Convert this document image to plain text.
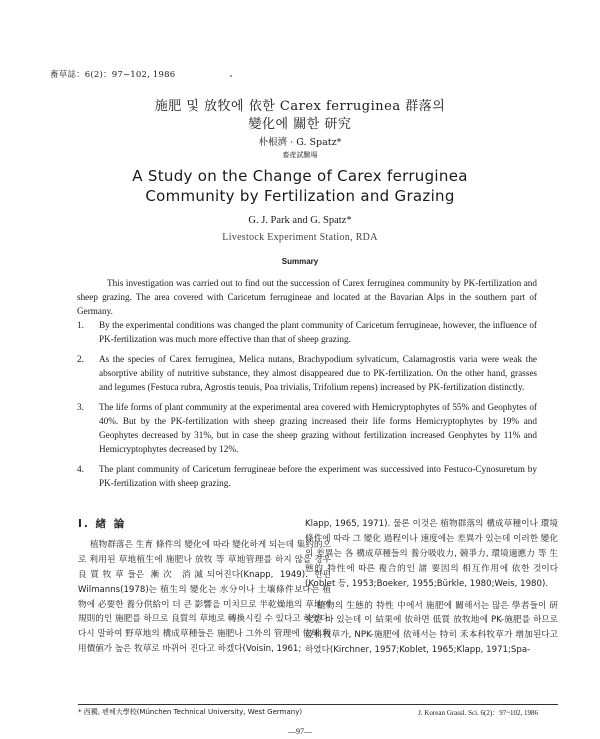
畜草誌：6(2)：97~102, 1986
施肥 및 放牧에 依한 Carex ferruginea 群落의
變化에 關한 研究
朴根濟 · G. Spatz*
畜産試驗場
A Study on the Change of Carex ferruginea
Community by Fertilization and Grazing
G. J. Park and G. Spatz*
Livestock Experiment Station, RDA
Summary

This investigation was carried out to find out the succession of Carex ferruginea community by PK-fertilization and sheep grazing. The area covered with Caricetum ferrugineae and located at the Bavarian Alps in the southern part of Germany.

1. By the experimental conditions was changed the plant community of Caricetum ferrugineae, however, the influence of PK-fertilization was much more effective than that of sheep grazing.

2. As the species of Carex ferruginea, Melica nutans, Brachypodium sylvaticum, Calamagrostis varia were weak the absorptive ability of nutritive substance, they almost disappeared due to PK-fertilization. On the other hand, grasses and legumes (Festuca rubra, Agrostis tenuis, Poa trivialis, Trifolium repens) increased by PK-fertilization distinctly.

3. The life forms of plant community at the experimental area covered with Hemicryptophytes of 55% and Geophytes of 40%. But by the PK-fertilization with sheep grazing increased their life forms Hemicryptophytes by 19% and Geophytes decreased by 31%, but in case the sheep grazing without fertilization increased Geophytes by 11% and Hemicryptophytes decreased by 12%.

4. The plant community of Caricetum ferrugineae before the experiment was successived into Festuco-Cynosuretum by PK-fertilization with sheep grazing.

Ⅰ. 緖 論

植物群落은 生育 條件의 變化에 따라 變化하게 되는데 集約的으로 利用된 草地植生에 施肥나 放牧 等 草地管理를 하지 않을 경우 良質牧草들은 漸次 消滅되어진다(Knapp, 1949). 한편 Wilmanns(1978)는 植生의 變化는 水分이나 土壤條件보다는 植物에 必要한 養分供給이 더 큰 影響을 미치므로 半乾燥地의 草地에 規則的인 施肥를 하므로 良質의 草地로 轉換시킬 수 있다고 하였다. 다시 말하여 野草地의 構成草種들은 施肥나 그外의 管理에 依해 利用價値가 높은 牧草로 바뀌어 진다고 하겠다(Voisin, 1961;

Klapp, 1965, 1971). 물론 이것은 植物群落의 構成草種이나 環境條件에 따라 그 變化 過程이나 速度에는 差異가 있는데 이러한 變化의 差異는 各 構成草種들의 養分吸收力, 競爭力, 環境適應力 等 生態的 特性에 따른 複合的인 諸 要因의 相互作用에 依한 것이다(Koblet 등, 1953;Boeker, 1955;Bürkle, 1980;Weis, 1980).

植物의 生態的 特性 中에서 施肥에 關해서는 많은 學者들이 研究한 바 있는데 이 結果에 依하면 低質 放牧地에 PK-施肥를 하므로 荳科牧草가, NPK-施肥에 依해서는 特히 禾本科牧草가 增加된다고 하였다(Kirchner, 1957;Koblet, 1965;Klapp, 1971;Spa-

* 西獨, 펜헤大學校(München Technical University, West Germany)	J. Korean Grassl. Sci. 6(2)：97~102, 1986
—97—
